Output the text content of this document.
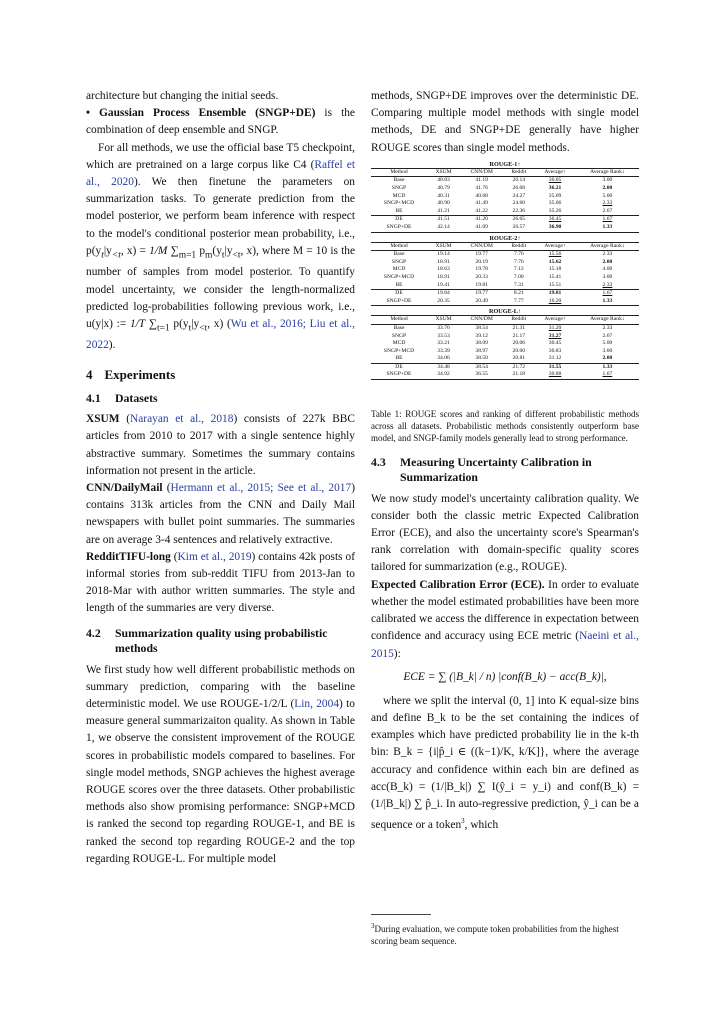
architecture but changing the initial seeds.

• Gaussian Process Ensemble (SNGP+DE) is the combination of deep ensemble and SNGP.

For all methods, we use the official base T5 checkpoint, which are pretrained on a large corpus like C4 (Raffel et al., 2020). We then finetune the parameters on summarization tasks. To generate prediction from the model posterior, we perform beam inference with respect to the model's conditional posterior mean probability, i.e., $p(y_t|y_{<t}$, x) = 1/M $\sum_{m=1}$ $p_m(y_t|y_{<t}$, x), where M = 10 is the number of samples from model posterior. To quantify model uncertainty, we consider the length-normalized predicted log-probabilities following previous work, i.e., u(y|x) := 1/T $\sum_{t=1}$ $p(y_t|y_{<t}$, x) (Wu et al., 2016; Liu et al., 2022).

4 Experiments
4.1	Datasets

XSUM (Narayan et al., 2018) consists of 227k BBC articles from 2010 to 2017 with a single sentence highly abstractive summary. Sometimes the summary contains information not present in the article.

CNN/DailyMail (Hermann et al., 2015; See et al., 2017) contains 313k articles from the CNN and Daily Mail newspapers with bullet point summaries. The summaries are on average 3-4 sentences and relatively extractive.

RedditTIFU-long (Kim et al., 2019) contains 42k posts of informal stories from sub-reddit TIFU from 2013-Jan to 2018-Mar with author written summaries. The style and length of the summaries are very diverse.

4.2	Summarization quality using probabilistic methods

We first study how well different probabilistic methods on summary prediction, comparing with the baseline deterministic model. We use ROUGE-1/2/L (Lin, 2004) to measure general summarizaiton quality. As shown in Table 1, we observe the consistent improvement of the ROUGE scores in probabilistic models compared to baselines. For single model methods, SNGP achieves the highest average ROUGE scores over the three datasets. Other probabilistic methods also show promising performance: SNGP+MCD is ranked the second top regarding ROUGE-1, and BE is ranked the second top regarding ROUGE-2 and the top regarding ROUGE-L. For multiple model

methods, SNGP+DE improves over the deterministic DE. Comparing multiple model methods with single model methods, DE and SNGP+DE generally have higher ROUGE scores than single model methods.

ROUGE-1↑
Method	XSUM	CNN/DM	Reddit	Average↑	Average Rank↓
Base	40.83	41.19	26.14	36.05	3.00
SNGP	40.79	41.76	26.08	36.21	2.00
MCD	40.31	40.68	24.27	35.09	5.00
SNGP+MCD	40.90	41.49	24.60	35.66	2.33
BE	41.21	41.22	22.36	35.26	2.67
DE	41.51	41.20	26.65	36.45	1.67
SNGP+DE	42.14	41.09	26.57	36.90	1.33
ROUGE-2↑
Method	XSUM	CNN/DM	Reddit	Average↑	Average Rank↓
Base	19.14	19.77	7.76	15.56	2.33
SNGP	18.91	20.19	7.76	15.62	2.00
MCD	18.63	19.78	7.12	15.18	4.00
SNGP+MCD	18.91	20.33	7.00	15.41	3.00
BE	19.41	19.81	7.31	15.51	2.33
DE	19.84	19.77	8.21	19.81	1.67
SNGP+DE	20.35	20.49	7.77	16.20	1.33
ROUGE-L↑
Method	XSUM	CNN/DM	Reddit	Average↑	Average Rank↓
Base	33.76	38.54	21.31	31.20	2.33
SNGP	33.53	39.12	21.17	31.27	2.67
MCD	33.21	38.09	20.06	30.45	5.00
SNGP+MCD	33.39	38.97	20.00	30.83	3.00
BE	34.06	38.50	20.81	31.12	2.00
DE	34.48	38.54	21.72	31.55	1.33
SNGP+DE	34.92	36.55	21.18	30.88	1.67

Table 1: ROUGE scores and ranking of different probabilistic methods across all datasets. Probabilistic methods consistently outperform base model, and SNGP-family models generally lead to strong performance.

4.3	Measuring Uncertainty Calibration in Summarization

We now study model's uncertainty calibration quality. We consider both the classic metric Expected Calibration Error (ECE), and also the uncertainty score's Spearman's rank correlation with domain-specific quality scores tailored for summarization (e.g., ROUGE).

Expected Calibration Error (ECE). In order to evaluate whether the model estimated probabilities have been more calibrated we access the difference in expectation between confidence and accuracy using ECE metric (Naeini et al., 2015):

ECE = ∑ (|B_k| / n) |conf(B_k) − acc(B_k)|,

where we split the interval (0, 1] into K equal-size bins and define B_k to be the set containing the indices of examples which have predicted probability lie in the k-th bin: B_k = {i|p̂_i ∈ ((k−1)/K, k/K]}, where the average accuracy and confidence within each bin are defined as acc(B_k) = (1/|B_k|) ∑ I(ŷ_i = y_i) and conf(B_k) = (1/|B_k|) ∑ p̂_i. In auto-regressive prediction, ŷ_i can be a sequence or a token$^3$, which

$^3$During evaluation, we compute token probabilities from the highest scoring beam sequence.
